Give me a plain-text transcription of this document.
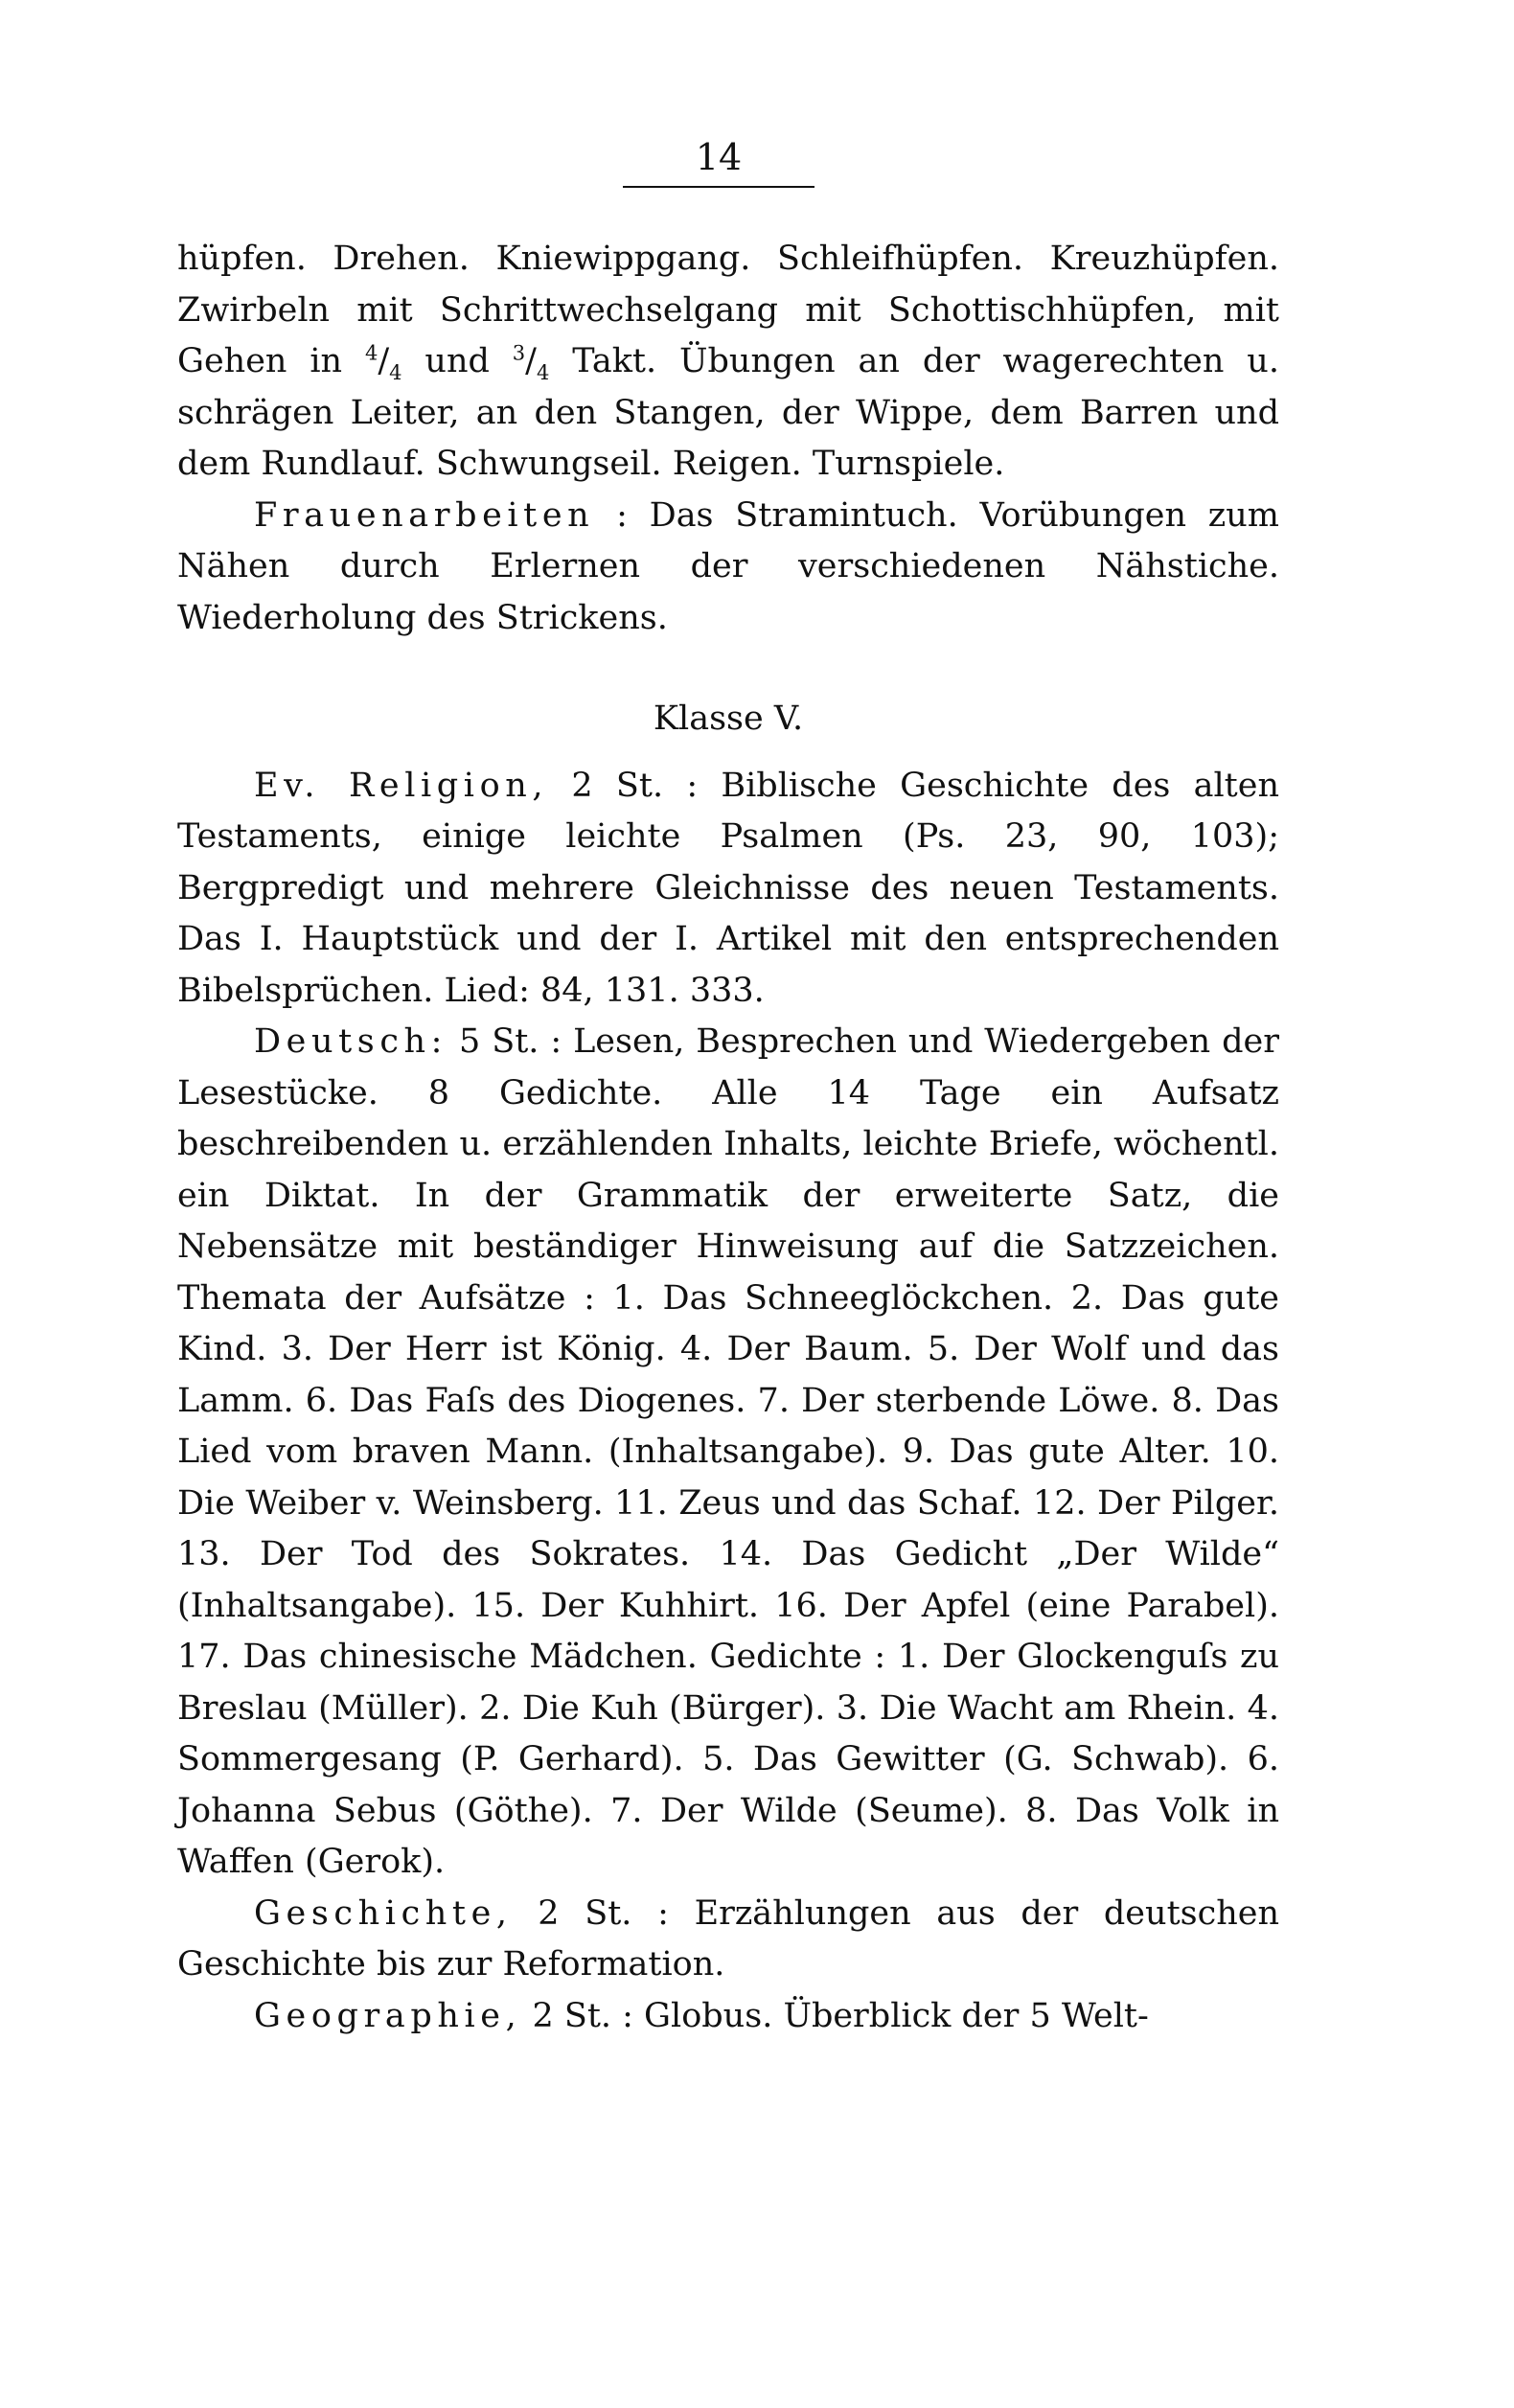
14

hüpfen. Drehen. Kniewippgang. Schleifhüpfen. Kreuzhüpfen. Zwirbeln mit Schrittwechselgang mit Schottischhüpfen, mit Gehen in $^4/_4$ und $^3/_4$ Takt. Übungen an der wagerechten u. schrägen Leiter, an den Stangen, der Wippe, dem Barren und dem Rundlauf. Schwungseil. Reigen. Turnspiele.

Frauenarbeiten : Das Stramintuch. Vorübungen zum Nähen durch Erlernen der verschiedenen Nähstiche. Wiederholung des Strickens.

Klasse V.

Ev. Religion, 2 St. : Biblische Geschichte des alten Testaments, einige leichte Psalmen (Ps. 23, 90, 103); Bergpredigt und mehrere Gleichnisse des neuen Testaments. Das I. Hauptstück und der I. Artikel mit den entsprechenden Bibelsprüchen. Lied: 84, 131. 333.

Deutsch: 5 St. : Lesen, Besprechen und Wiedergeben der Lesestücke. 8 Gedichte. Alle 14 Tage ein Aufsatz beschreibenden u. erzählenden Inhalts, leichte Briefe, wöchentl. ein Diktat. In der Grammatik der erweiterte Satz, die Nebensätze mit beständiger Hinweisung auf die Satzzeichen. Themata der Aufsätze : 1. Das Schneeglöckchen. 2. Das gute Kind. 3. Der Herr ist König. 4. Der Baum. 5. Der Wolf und das Lamm. 6. Das Faſs des Diogenes. 7. Der sterbende Löwe. 8. Das Lied vom braven Mann. (Inhaltsangabe). 9. Das gute Alter. 10. Die Weiber v. Weinsberg. 11. Zeus und das Schaf. 12. Der Pilger. 13. Der Tod des Sokrates. 14. Das Gedicht „Der Wilde“ (Inhaltsangabe). 15. Der Kuhhirt. 16. Der Apfel (eine Parabel). 17. Das chinesische Mädchen. Gedichte : 1. Der Glockenguſs zu Breslau (Müller). 2. Die Kuh (Bürger). 3. Die Wacht am Rhein. 4. Sommergesang (P. Gerhard). 5. Das Gewitter (G. Schwab). 6. Johanna Sebus (Göthe). 7. Der Wilde (Seume). 8. Das Volk in Waffen (Gerok).

Geschichte, 2 St. : Erzählungen aus der deutschen Geschichte bis zur Reformation.

Geographie, 2 St. : Globus. Überblick der 5 Welt-
